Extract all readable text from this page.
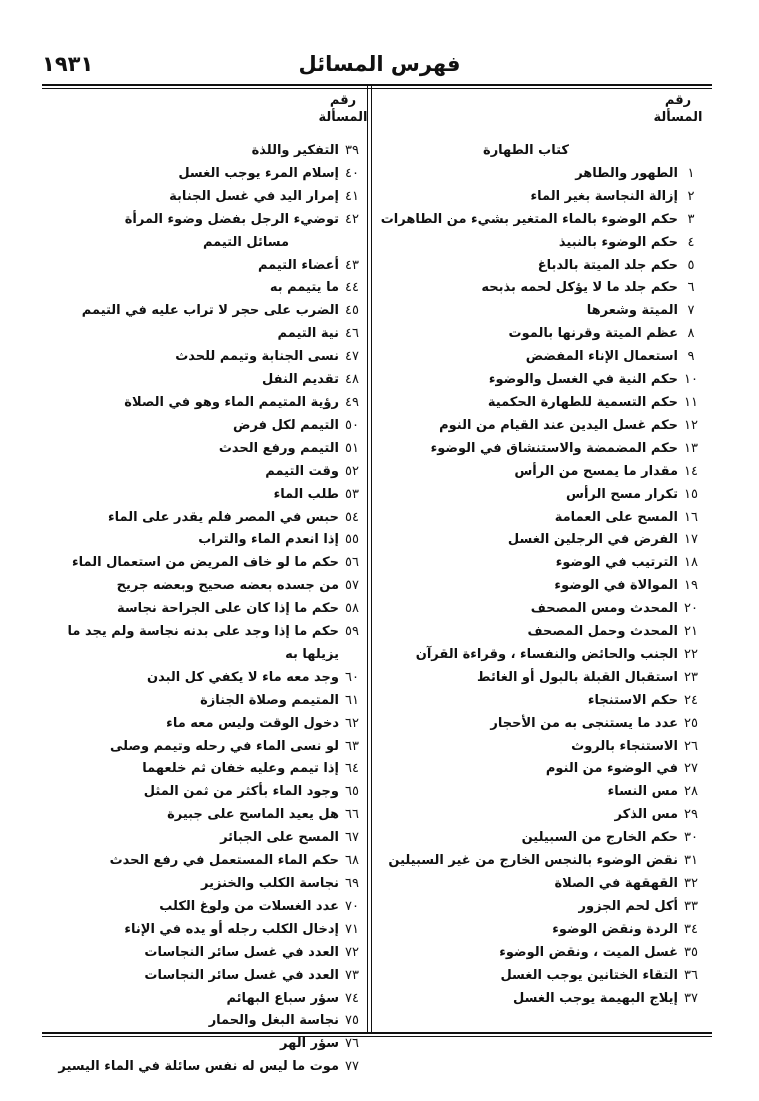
فهرس المسائل
١٩٣١
رقم
المسألة
رقم
المسألة
كتاب الطهارة
١
الطهور والطاهر
٢
إزالة النجاسة بغير الماء
٣
حكم الوضوء بالماء المتغير بشيء من الطاهرات
٤
حكم الوضوء بالنبيذ
٥
حكم جلد الميتة بالدباغ
٦
حكم جلد ما لا يؤكل لحمه بذبحه
٧
الميتة وشعرها
٨
عظم الميتة وقرنها بالموت
٩
استعمال الإناء المفضض
١٠
حكم النية في الغسل والوضوء
١١
حكم التسمية للطهارة الحكمية
١٢
حكم غسل اليدين عند القيام من النوم
١٣
حكم المضمضة والاستنشاق في الوضوء
١٤
مقدار ما يمسح من الرأس
١٥
تكرار مسح الرأس
١٦
المسح على العمامة
١٧
الفرض في الرجلين الغسل
١٨
الترتيب في الوضوء
١٩
الموالاة في الوضوء
٢٠
المحدث ومس المصحف
٢١
المحدث وحمل المصحف
٢٢
الجنب والحائض والنفساء ، وقراءة القرآن
٢٣
استقبال القبلة بالبول أو الغائط
٢٤
حكم الاستنجاء
٢٥
عدد ما يستنجى به من الأحجار
٢٦
الاستنجاء بالروث
٢٧
في الوضوء من النوم
٢٨
مس النساء
٢٩
مس الذكر
٣٠
حكم الخارج من السبيلين
٣١
نقض الوضوء بالنجس الخارج من غير السبيلين
٣٢
القهقهة في الصلاة
٣٣
أكل لحم الجزور
٣٤
الردة ونقض الوضوء
٣٥
غسل الميت ، ونقض الوضوء
٣٦
التقاء الختانين يوجب الغسل
٣٧
إيلاج البهيمة يوجب الغسل
٣٩
التفكير واللذة
٤٠
إسلام المرء يوجب الغسل
٤١
إمرار اليد في غسل الجنابة
٤٢
توضيء الرجل بفضل وضوء المرأة
مسائل التيمم
٤٣
أعضاء التيمم
٤٤
ما يتيمم به
٤٥
الضرب على حجر لا تراب عليه في التيمم
٤٦
نية التيمم
٤٧
نسى الجنابة وتيمم للحدث
٤٨
تقديم النفل
٤٩
رؤية المتيمم الماء وهو في الصلاة
٥٠
التيمم لكل فرض
٥١
التيمم ورفع الحدث
٥٢
وقت التيمم
٥٣
طلب الماء
٥٤
حبس في المصر فلم يقدر على الماء
٥٥
إذا انعدم الماء والتراب
٥٦
حكم ما لو خاف المريض من استعمال الماء
٥٧
من جسده بعضه صحيح وبعضه جريح
٥٨
حكم ما إذا كان على الجراحة نجاسة
٥٩
حكم ما إذا وجد على بدنه نجاسة ولم يجد ما يزيلها به
٦٠
وجد معه ماء لا يكفي كل البدن
٦١
المتيمم وصلاة الجنازة
٦٢
دخول الوقت وليس معه ماء
٦٣
لو نسى الماء في رحله وتيمم وصلى
٦٤
إذا تيمم وعليه خفان ثم خلعهما
٦٥
وجود الماء بأكثر من ثمن المثل
٦٦
هل يعيد الماسح على جبيرة
٦٧
المسح على الجبائر
٦٨
حكم الماء المستعمل في رفع الحدث
٦٩
نجاسة الكلب والخنزير
٧٠
عدد الغسلات من ولوغ الكلب
٧١
إدخال الكلب رجله أو يده في الإناء
٧٢
العدد في غسل سائر النجاسات
٧٣
العدد في غسل سائر النجاسات
٧٤
سؤر سباع البهائم
٧٥
نجاسة البغل والحمار
٧٦
سؤر الهر
٧٧
موت ما ليس له نفس سائلة في الماء اليسير
